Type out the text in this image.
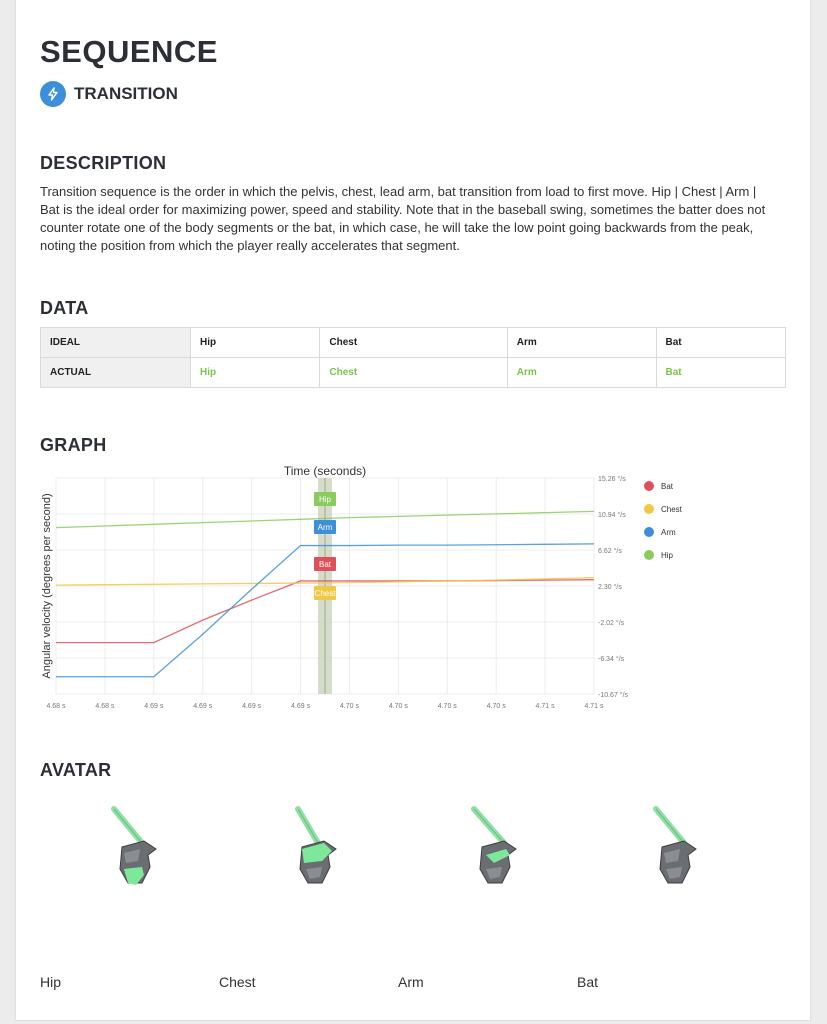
SEQUENCE
TRANSITION
DESCRIPTION
Transition sequence is the order in which the pelvis, chest, lead arm, bat transition from load to first move. Hip | Chest | Arm | Bat is the ideal order for maximizing power, speed and stability. Note that in the baseball swing, sometimes the batter does not counter rotate one of the body segments or the bat, in which case, he will take the low point going backwards from the peak, noting the position from which the player really accelerates that segment.
DATA
IDEAL	Hip	Chest	Arm	Bat
ACTUAL	Hip	Chest	Arm	Bat
GRAPH
Time (seconds)
Angular velocity (degrees per second)
4.68 s	4.68 s	4.69 s	4.69 s	4.69 s	4.69 s	4.70 s	4.70 s	4.70 s	4.70 s	4.71 s	4.71 s
15.26 °/s
10.94 °/s
6.62 °/s
2.30 °/s
-2.02 °/s
-6.34 °/s
-10.67 °/s
Hip
Arm
Bat
Chest
Bat
Chest
Arm
Hip
AVATAR
Hip	Chest	Arm	Bat
